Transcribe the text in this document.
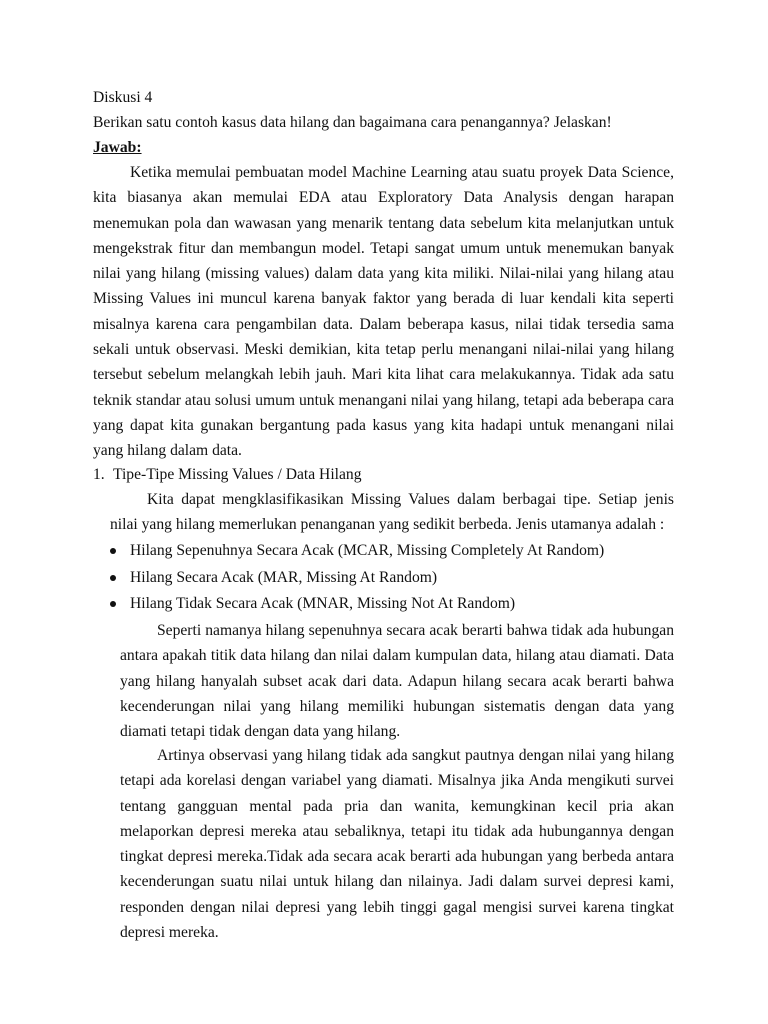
Diskusi 4

Berikan satu contoh kasus data hilang dan bagaimana cara penangannya? Jelaskan!

Jawab:

Ketika memulai pembuatan model Machine Learning atau suatu proyek Data Science, kita biasanya akan memulai EDA atau Exploratory Data Analysis dengan harapan menemukan pola dan wawasan yang menarik tentang data sebelum kita melanjutkan untuk mengekstrak fitur dan membangun model. Tetapi sangat umum untuk menemukan banyak nilai yang hilang (missing values) dalam data yang kita miliki. Nilai-nilai yang hilang atau Missing Values ini muncul karena banyak faktor yang berada di luar kendali kita seperti misalnya karena cara pengambilan data. Dalam beberapa kasus, nilai tidak tersedia sama sekali untuk observasi. Meski demikian, kita tetap perlu menangani nilai-nilai yang hilang tersebut sebelum melangkah lebih jauh. Mari kita lihat cara melakukannya. Tidak ada satu teknik standar atau solusi umum untuk menangani nilai yang hilang, tetapi ada beberapa cara yang dapat kita gunakan bergantung pada kasus yang kita hadapi untuk menangani nilai yang hilang dalam data.

1. Tipe-Tipe Missing Values / Data Hilang

Kita dapat mengklasifikasikan Missing Values dalam berbagai tipe. Setiap jenis nilai yang hilang memerlukan penanganan yang sedikit berbeda. Jenis utamanya adalah :

Hilang Sepenuhnya Secara Acak (MCAR, Missing Completely At Random)
Hilang Secara Acak (MAR, Missing At Random)
Hilang Tidak Secara Acak (MNAR, Missing Not At Random)

Seperti namanya hilang sepenuhnya secara acak berarti bahwa tidak ada hubungan antara apakah titik data hilang dan nilai dalam kumpulan data, hilang atau diamati. Data yang hilang hanyalah subset acak dari data. Adapun hilang secara acak berarti bahwa kecenderungan nilai yang hilang memiliki hubungan sistematis dengan data yang diamati tetapi tidak dengan data yang hilang.

Artinya observasi yang hilang tidak ada sangkut pautnya dengan nilai yang hilang tetapi ada korelasi dengan variabel yang diamati. Misalnya jika Anda mengikuti survei tentang gangguan mental pada pria dan wanita, kemungkinan kecil pria akan melaporkan depresi mereka atau sebaliknya, tetapi itu tidak ada hubungannya dengan tingkat depresi mereka.Tidak ada secara acak berarti ada hubungan yang berbeda antara kecenderungan suatu nilai untuk hilang dan nilainya. Jadi dalam survei depresi kami, responden dengan nilai depresi yang lebih tinggi gagal mengisi survei karena tingkat depresi mereka.
